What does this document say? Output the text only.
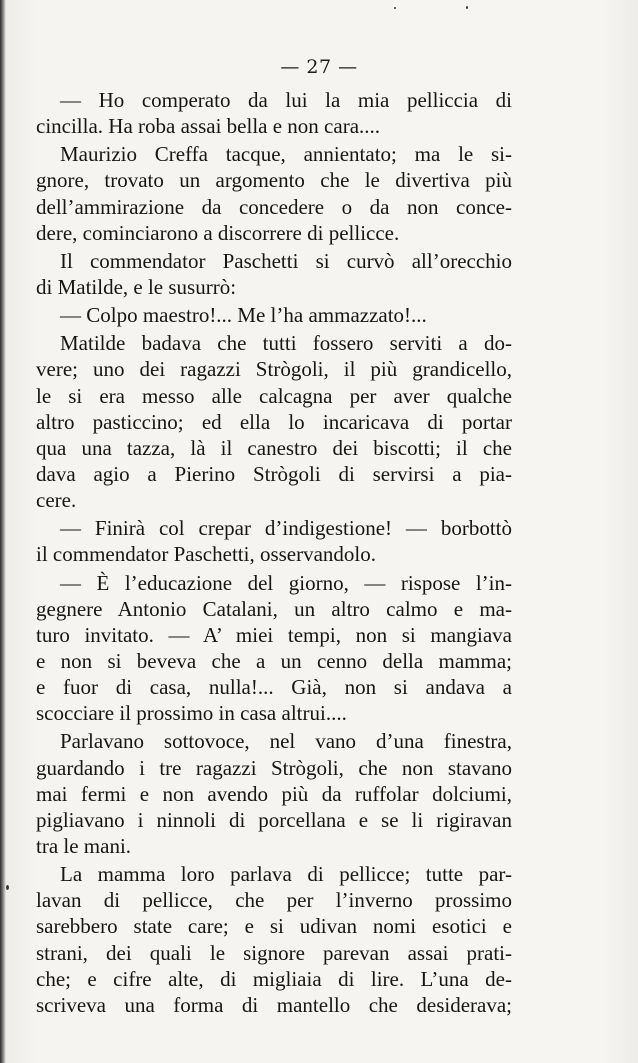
— 27 —
— Ho comperato da lui la mia pelliccia di
cincilla. Ha roba assai bella e non cara....
Maurizio Creffa tacque, annientato; ma le si-
gnore, trovato un argomento che le divertiva più
dell’ammirazione da concedere o da non conce-
dere, cominciarono a discorrere di pellicce.
Il commendator Paschetti si curvò all’orecchio
di Matilde, e le susurrò:
— Colpo maestro!... Me l’ha ammazzato!...
Matilde badava che tutti fossero serviti a do-
vere; uno dei ragazzi Strògoli, il più grandicello,
le si era messo alle calcagna per aver qualche
altro pasticcino; ed ella lo incaricava di portar
qua una tazza, là il canestro dei biscotti; il che
dava agio a Pierino Strògoli di servirsi a pia-
cere.
— Finirà col crepar d’indigestione! — borbottò
il commendator Paschetti, osservandolo.
— È l’educazione del giorno, — rispose l’in-
gegnere Antonio Catalani, un altro calmo e ma-
turo invitato. — A’ miei tempi, non si mangiava
e non si beveva che a un cenno della mamma;
e fuor di casa, nulla!... Già, non si andava a
scocciare il prossimo in casa altrui....
Parlavano sottovoce, nel vano d’una finestra,
guardando i tre ragazzi Strògoli, che non stavano
mai fermi e non avendo più da ruffolar dolciumi,
pigliavano i ninnoli di porcellana e se li rigiravan
tra le mani.
La mamma loro parlava di pellicce; tutte par-
lavan di pellicce, che per l’inverno prossimo
sarebbero state care; e si udivan nomi esotici e
strani, dei quali le signore parevan assai prati-
che; e cifre alte, di migliaia di lire. L’una de-
scriveva una forma di mantello che desiderava;
